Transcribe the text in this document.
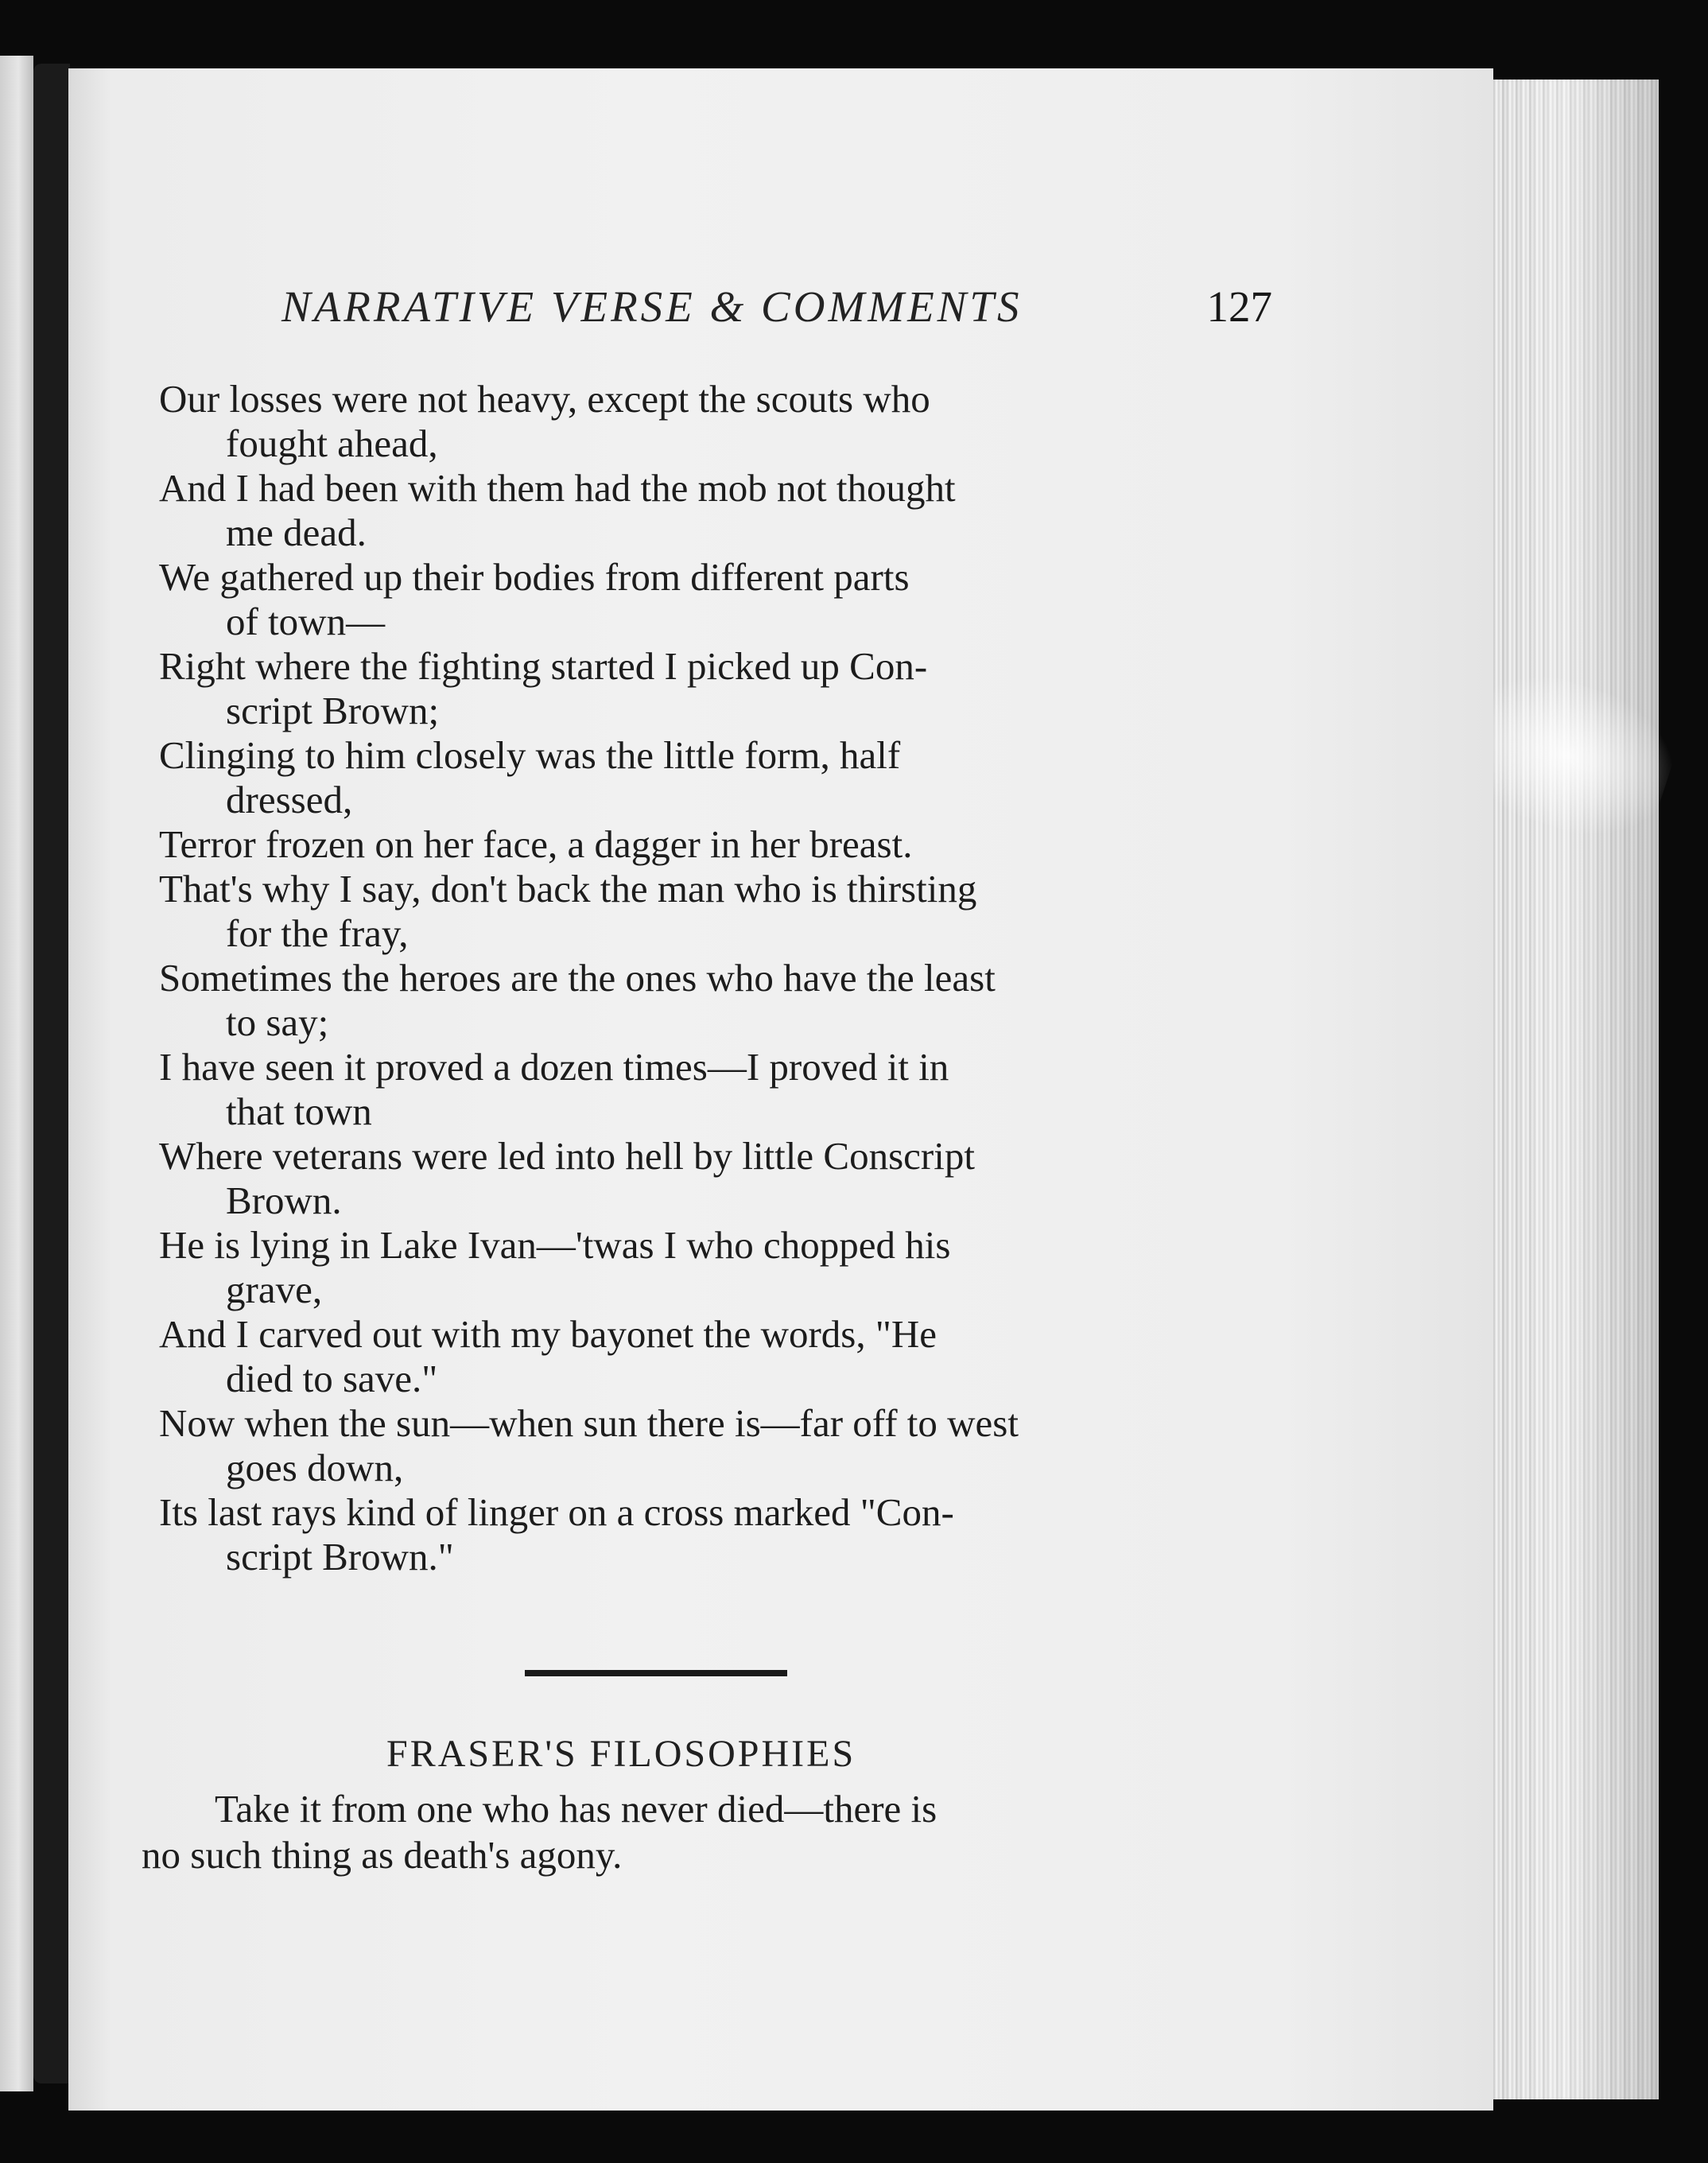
NARRATIVE VERSE & COMMENTS	127
Our losses were not heavy, except the scouts who
fought ahead,
And I had been with them had the mob not thought
me dead.
We gathered up their bodies from different parts
of town—
Right where the fighting started I picked up Con-
script Brown;
Clinging to him closely was the little form, half
dressed,
Terror frozen on her face, a dagger in her breast.
That's why I say, don't back the man who is thirsting
for the fray,
Sometimes the heroes are the ones who have the least
to say;
I have seen it proved a dozen times—I proved it in
that town
Where veterans were led into hell by little Conscript
Brown.
He is lying in Lake Ivan—'twas I who chopped his
grave,
And I carved out with my bayonet the words, "He
died to save."
Now when the sun—when sun there is—far off to west
goes down,
Its last rays kind of linger on a cross marked "Con-
script Brown."
FRASER'S FILOSOPHIES

Take it from one who has never died—there is
no such thing as death's agony.
